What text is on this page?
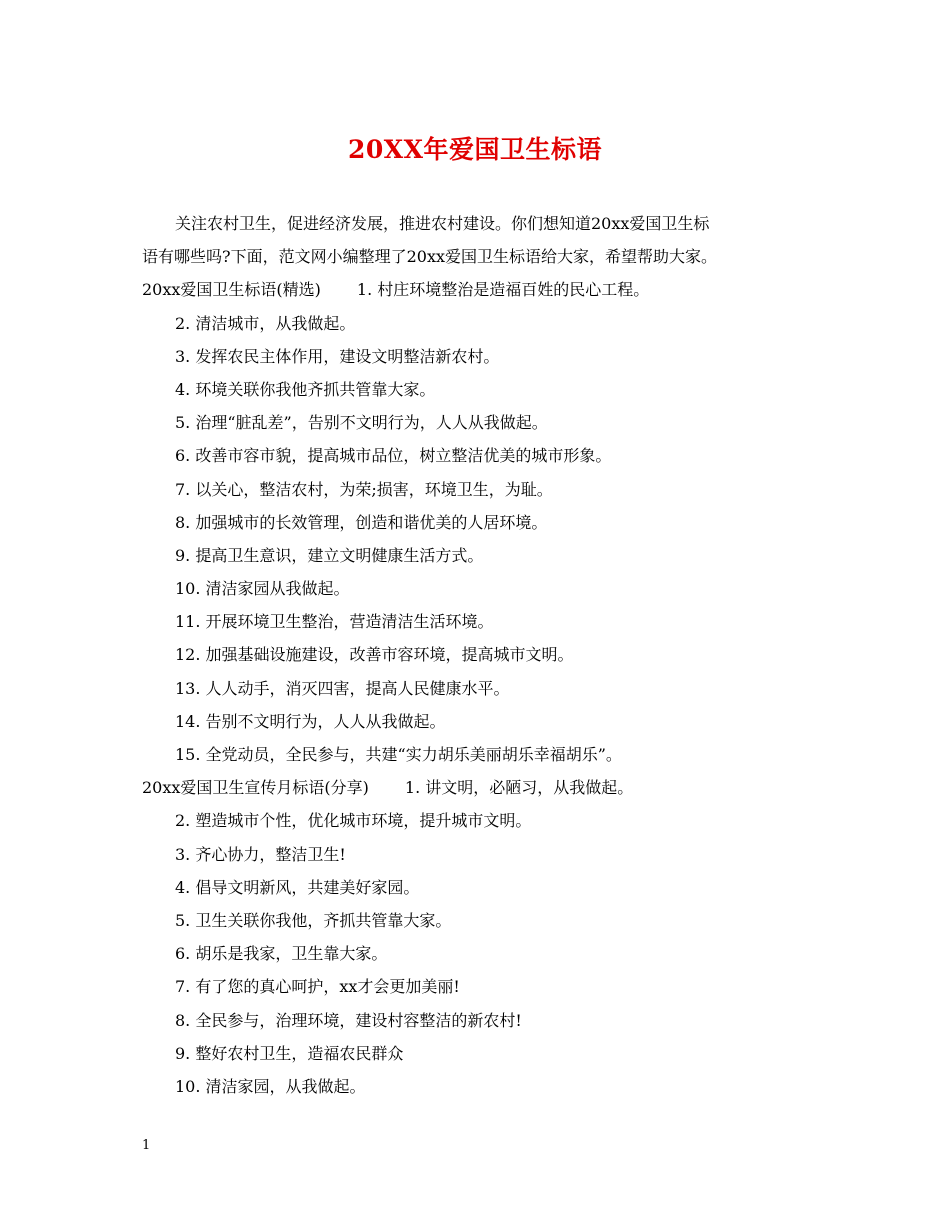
20XX年爱国卫生标语
关注农村卫生，促进经济发展，推进农村建设。你们想知道20xx爱国卫生标
语有哪些吗?下面，范文网小编整理了20xx爱国卫生标语给大家，希望帮助大家。
20xx爱国卫生标语(精选) 1. 村庄环境整治是造福百姓的民心工程。
2. 清洁城市，从我做起。
3. 发挥农民主体作用，建设文明整洁新农村。
4. 环境关联你我他齐抓共管靠大家。
5. 治理“脏乱差”，告别不文明行为，人人从我做起。
6. 改善市容市貌，提高城市品位，树立整洁优美的城市形象。
7. 以关心，整洁农村，为荣;损害，环境卫生，为耻。
8. 加强城市的长效管理，创造和谐优美的人居环境。
9. 提高卫生意识，建立文明健康生活方式。
10. 清洁家园从我做起。
11. 开展环境卫生整治，营造清洁生活环境。
12. 加强基础设施建设，改善市容环境，提高城市文明。
13. 人人动手，消灭四害，提高人民健康水平。
14. 告别不文明行为，人人从我做起。
15. 全党动员，全民参与，共建“实力胡乐美丽胡乐幸福胡乐”。
20xx爱国卫生宣传月标语(分享) 1. 讲文明，必陋习，从我做起。
2. 塑造城市个性，优化城市环境，提升城市文明。
3. 齐心协力，整洁卫生!
4. 倡导文明新风，共建美好家园。
5. 卫生关联你我他，齐抓共管靠大家。
6. 胡乐是我家，卫生靠大家。
7. 有了您的真心呵护，xx才会更加美丽!
8. 全民参与，治理环境，建设村容整洁的新农村!
9. 整好农村卫生，造福农民群众
10. 清洁家园，从我做起。
1
